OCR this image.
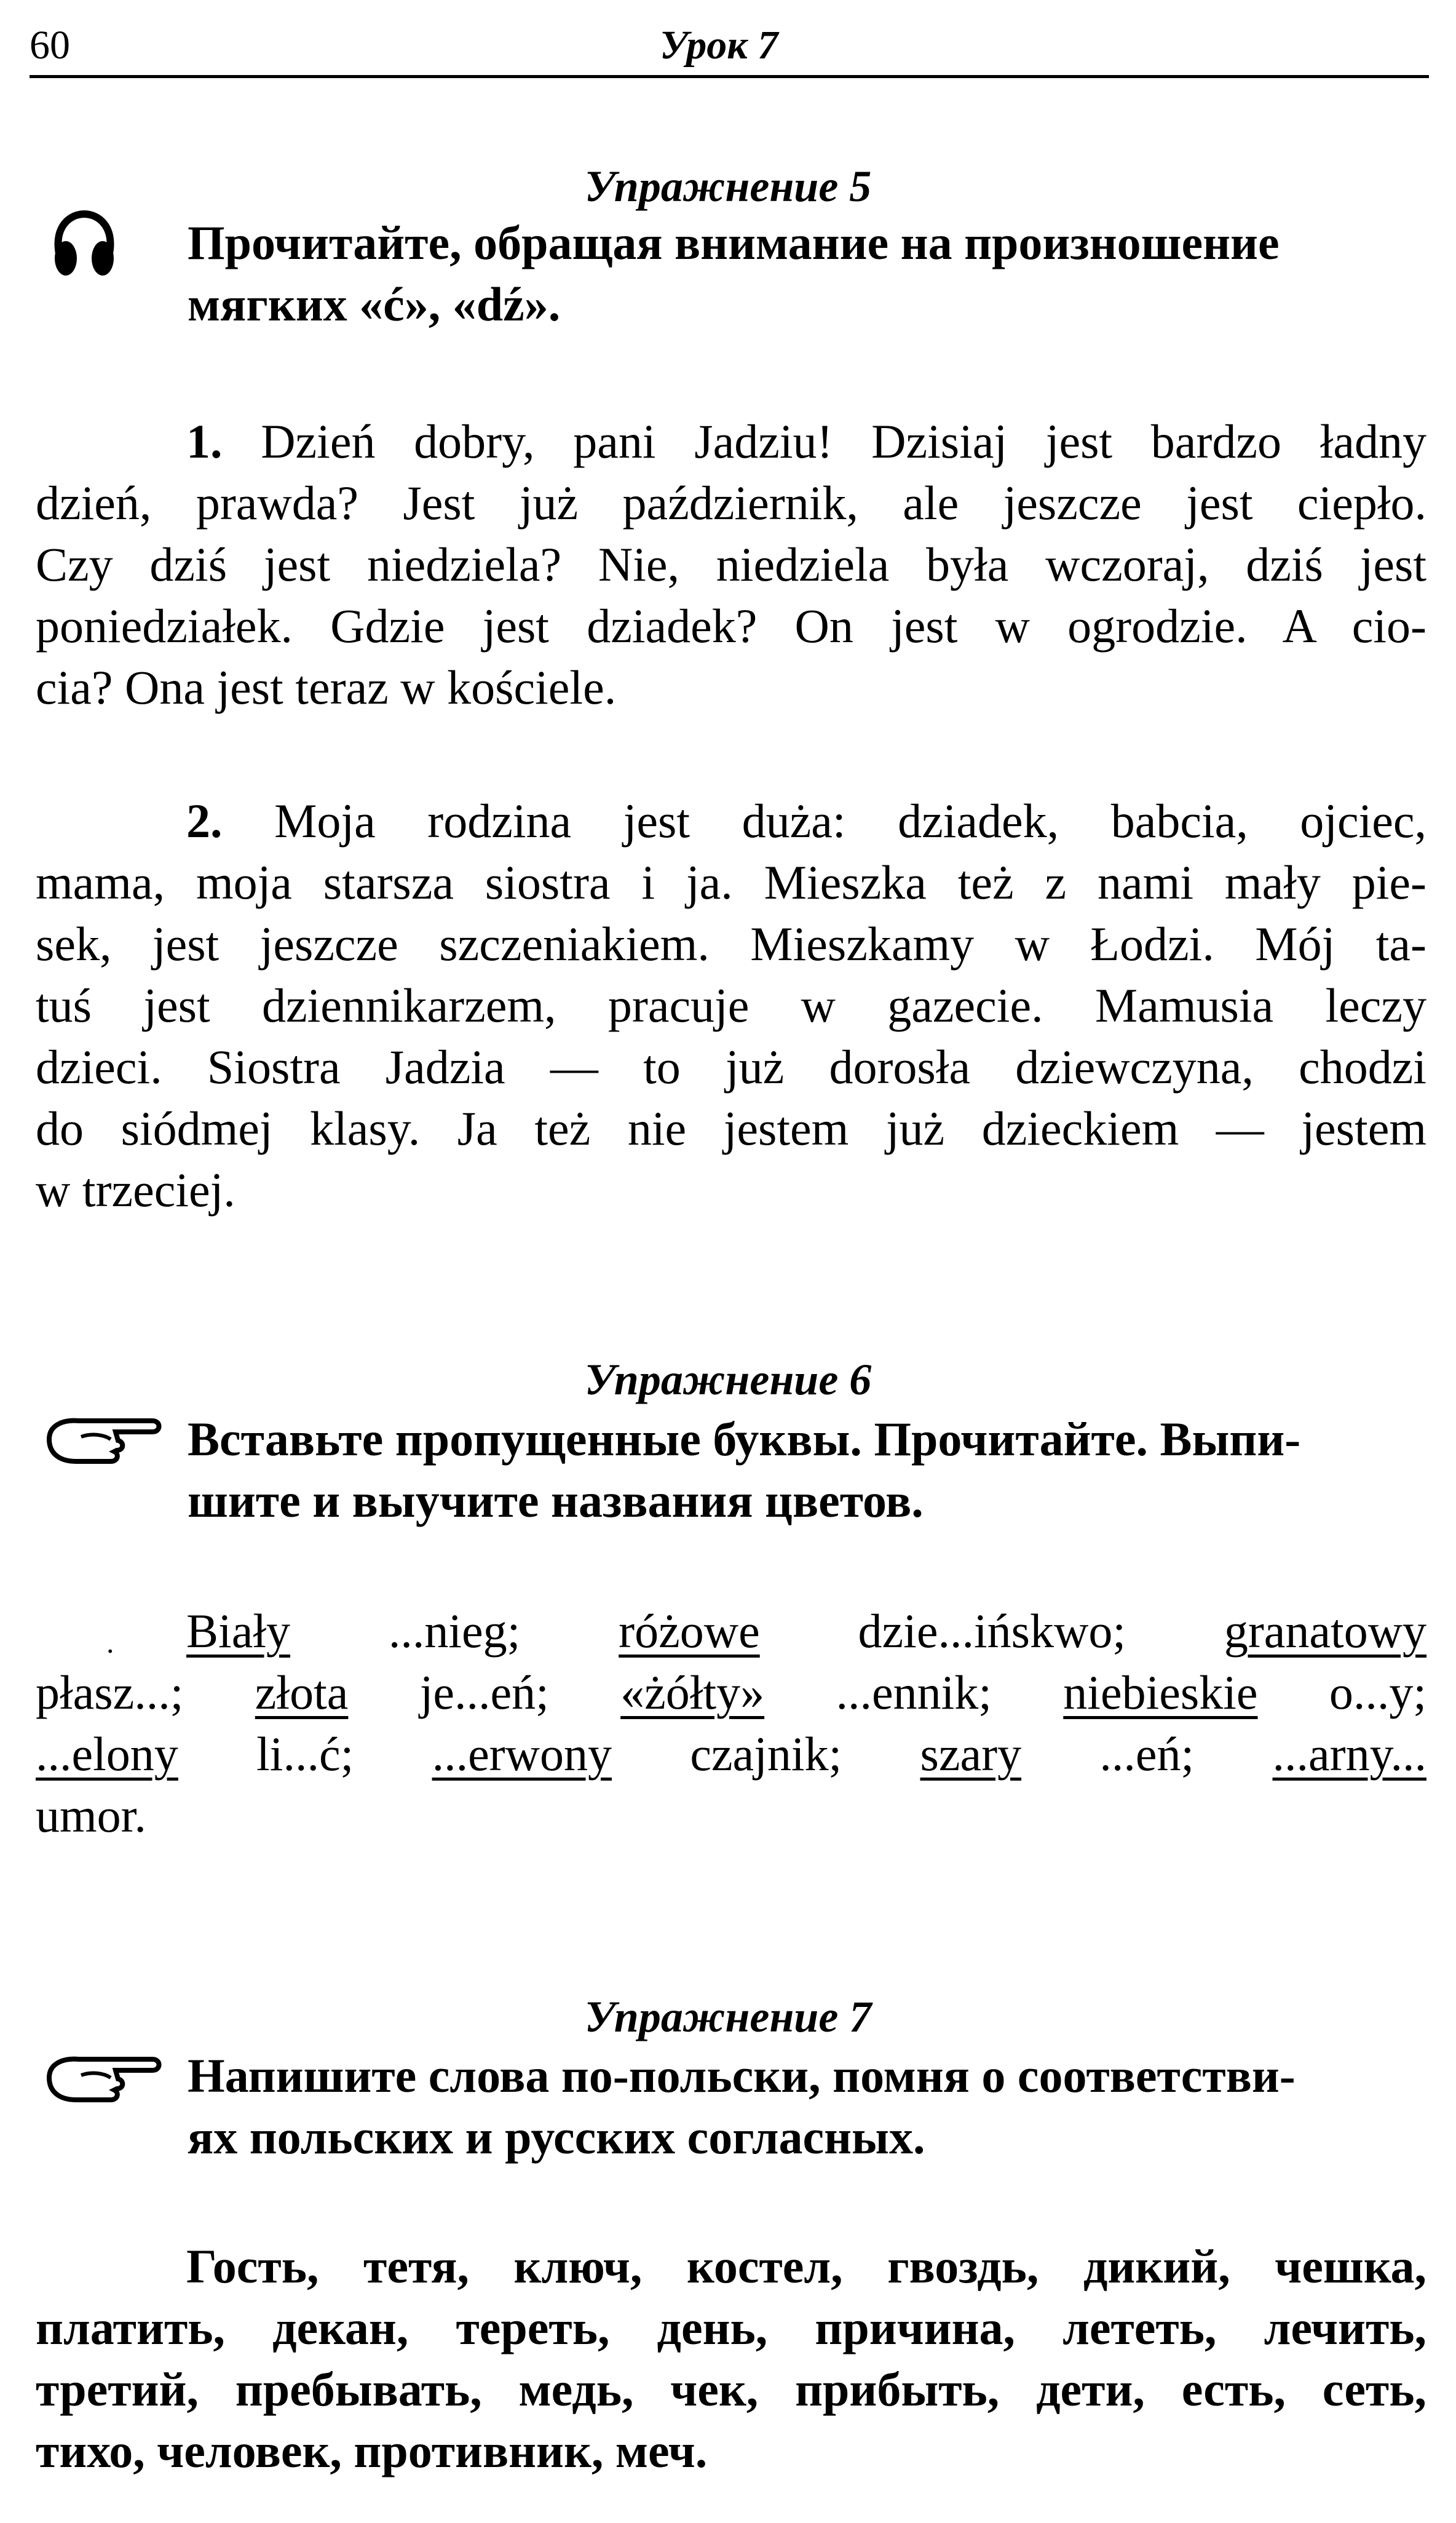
60	Урок 7
Упражнение 5
Прочитайте, обращая внимание на произношение
мягких «ć», «dź».
1. Dzień dobry, pani Jadziu! Dzisiaj jest bardzo ładny
dzień, prawda? Jest już październik, ale jeszcze jest ciepło.
Czy dziś jest niedziela? Nie, niedziela była wczoraj, dziś jest
poniedziałek. Gdzie jest dziadek? On jest w ogrodzie. A cio-
cia? Ona jest teraz w kościele.
2. Moja rodzina jest duża: dziadek, babcia, ojciec,
mama, moja starsza siostra i ja. Mieszka też z nami mały pie-
sek, jest jeszcze szczeniakiem. Mieszkamy w Łodzi. Mój ta-
tuś jest dziennikarzem, pracuje w gazecie. Mamusia leczy
dzieci. Siostra Jadzia — to już dorosła dziewczyna, chodzi
do siódmej klasy. Ja też nie jestem już dzieckiem — jestem
w trzeciej.
Упражнение 6
Вставьте пропущенные буквы. Прочитайте. Выпи-
шите и выучите названия цветов.
.	Biały ...nieg; różowe dzie...ińskwo; granatowy
płasz...; złota je...eń; «żółty» ...ennik; niebieskie o...y;
...elony li...ć; ...erwony czajnik; szary ...eń; ...arny...
umor.
Упражнение 7
Напишите слова по-польски, помня о соответстви-
ях польских и русских согласных.
Гость, тетя, ключ, костел, гвоздь, дикий, чешка,
платить, декан, тереть, день, причина, лететь, лечить,
третий, пребывать, медь, чек, прибыть, дети, есть, сеть,
тихо, человек, противник, меч.
